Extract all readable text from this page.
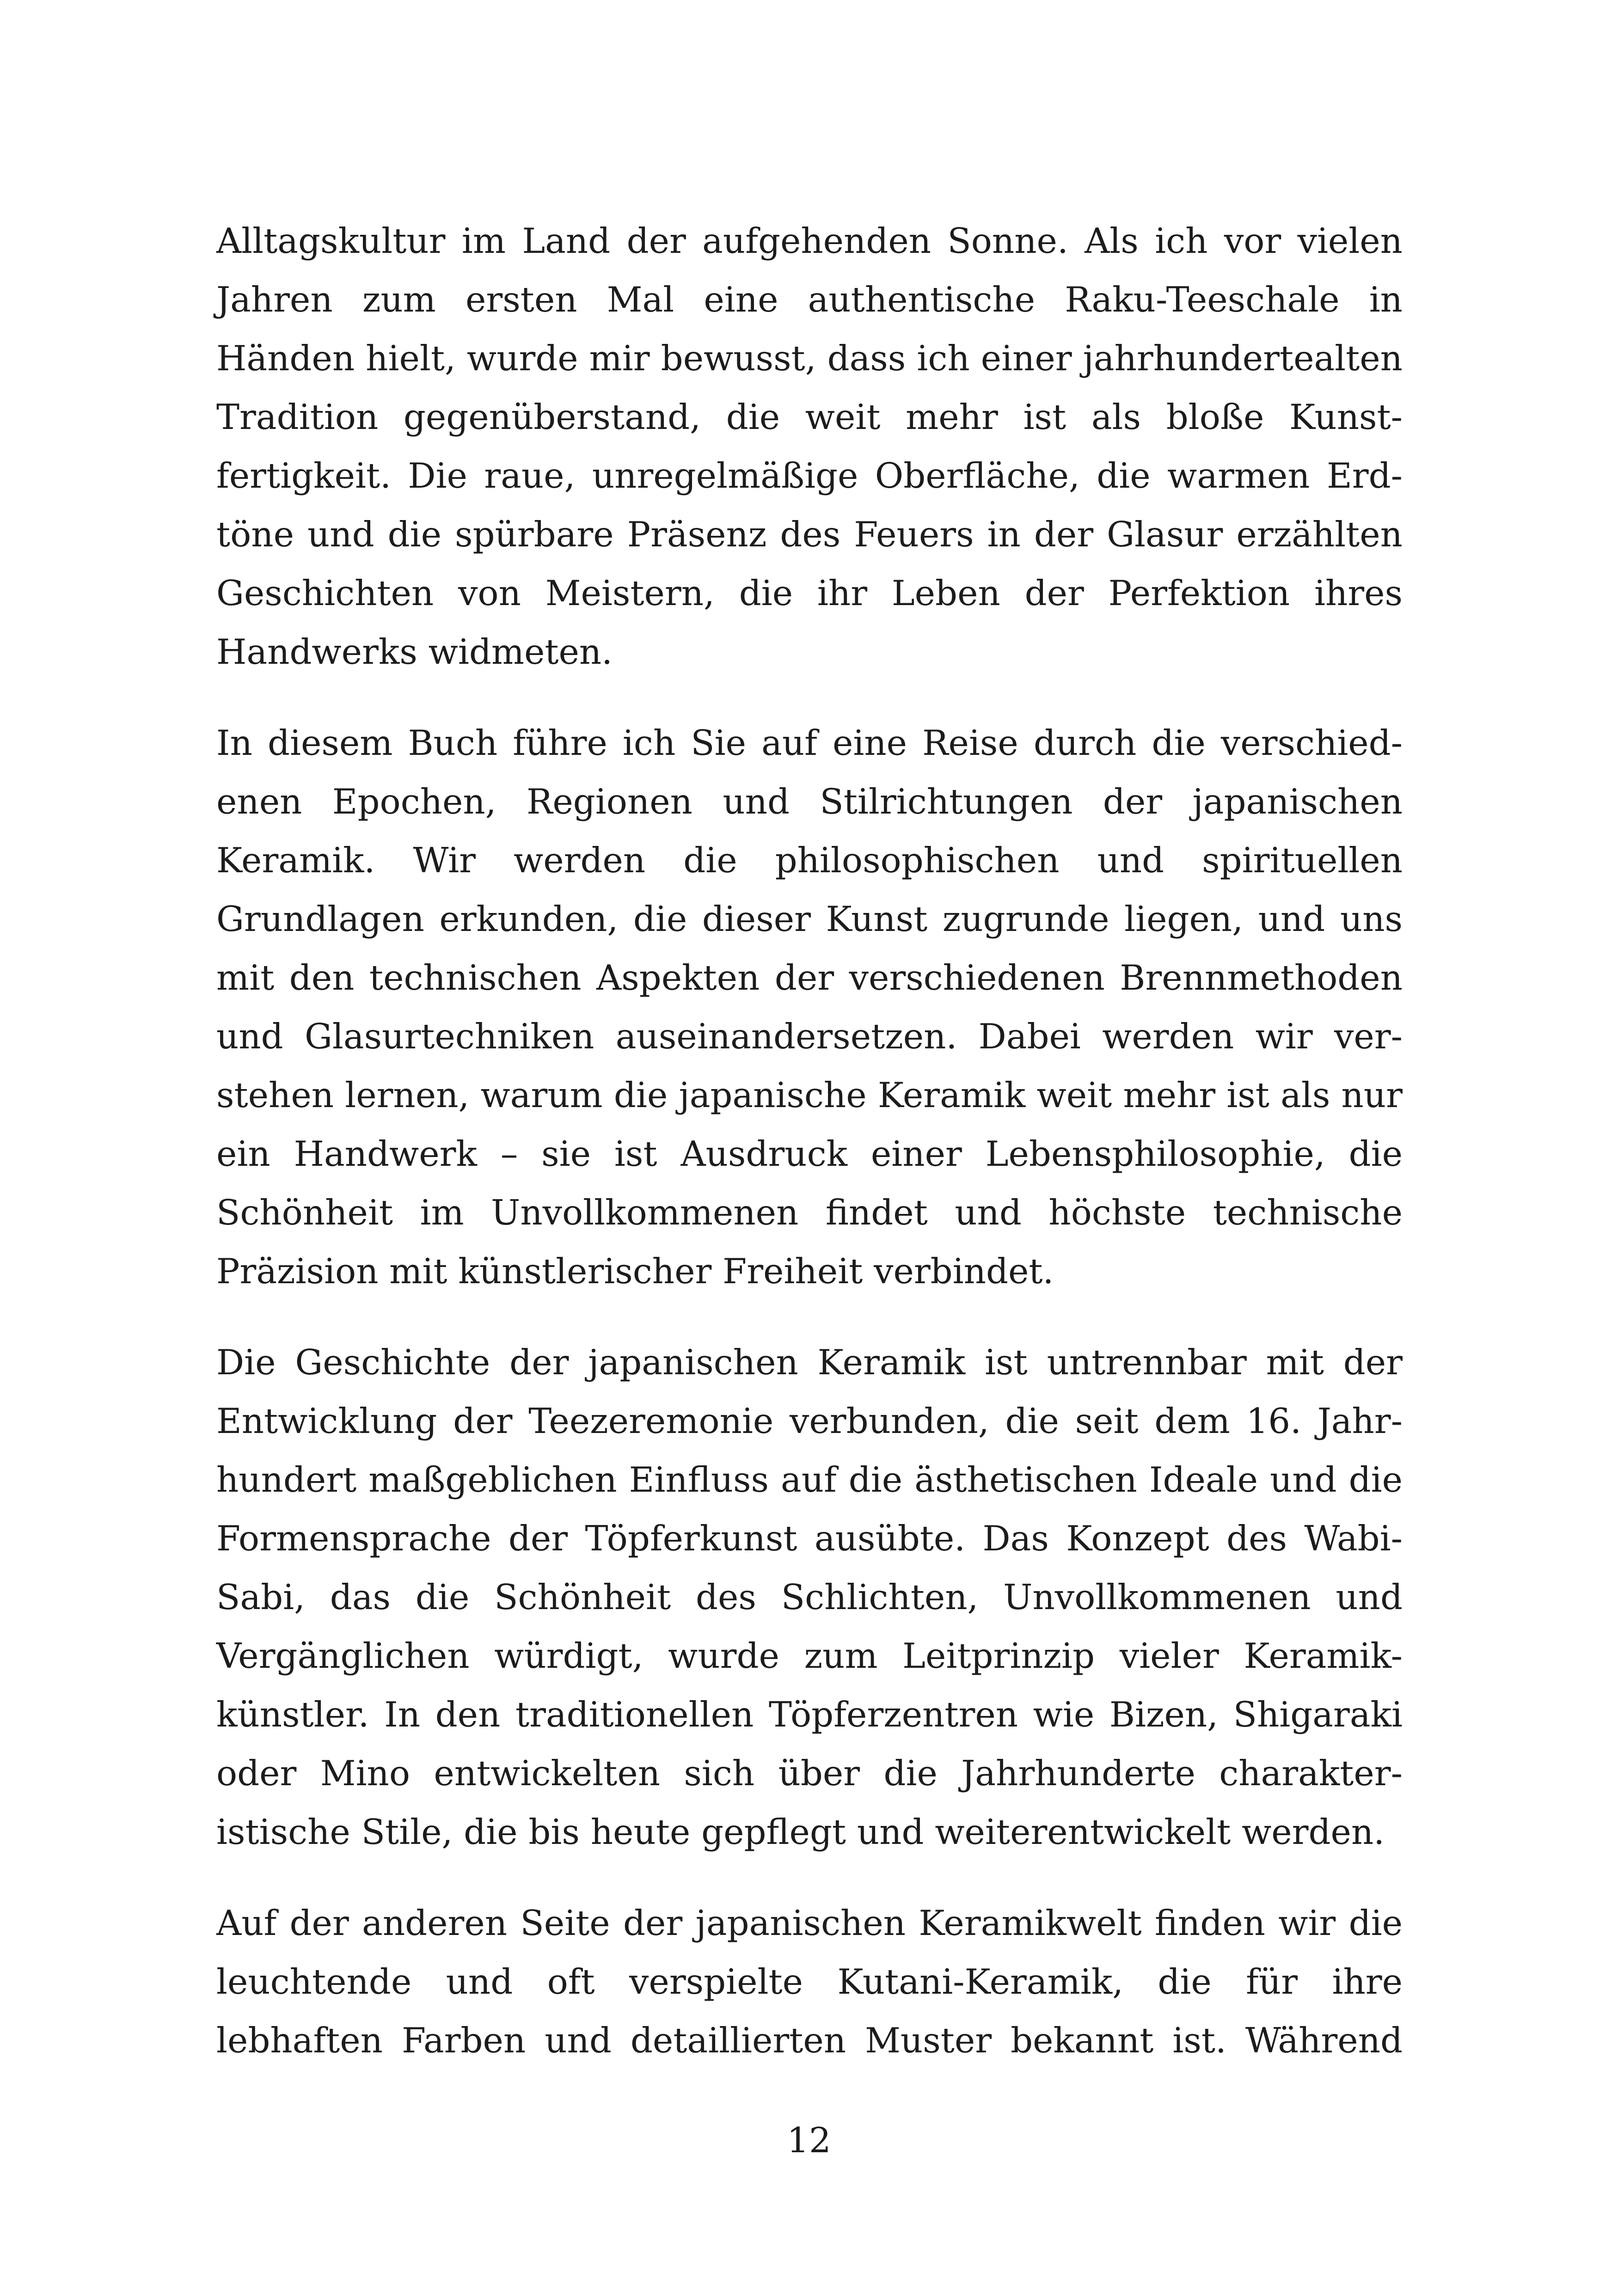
Alltagskultur im Land der aufgehenden Sonne. Als ich vor vielen
Jahren zum ersten Mal eine authentische Raku-Teeschale in
Händen hielt, wurde mir bewusst, dass ich einer jahrhundertealten
Tradition gegenüberstand, die weit mehr ist als bloße Kunst-
fertigkeit. Die raue, unregelmäßige Oberfläche, die warmen Erd-
töne und die spürbare Präsenz des Feuers in der Glasur erzählten
Geschichten von Meistern, die ihr Leben der Perfektion ihres
Handwerks widmeten.

In diesem Buch führe ich Sie auf eine Reise durch die verschied-
enen Epochen, Regionen und Stilrichtungen der japanischen
Keramik. Wir werden die philosophischen und spirituellen
Grundlagen erkunden, die dieser Kunst zugrunde liegen, und uns
mit den technischen Aspekten der verschiedenen Brennmethoden
und Glasurtechniken auseinandersetzen. Dabei werden wir ver-
stehen lernen, warum die japanische Keramik weit mehr ist als nur
ein Handwerk – sie ist Ausdruck einer Lebensphilosophie, die
Schönheit im Unvollkommenen findet und höchste technische
Präzision mit künstlerischer Freiheit verbindet.

Die Geschichte der japanischen Keramik ist untrennbar mit der
Entwicklung der Teezeremonie verbunden, die seit dem 16. Jahr-
hundert maßgeblichen Einfluss auf die ästhetischen Ideale und die
Formensprache der Töpferkunst ausübte. Das Konzept des Wabi-
Sabi, das die Schönheit des Schlichten, Unvollkommenen und
Vergänglichen würdigt, wurde zum Leitprinzip vieler Keramik-
künstler. In den traditionellen Töpferzentren wie Bizen, Shigaraki
oder Mino entwickelten sich über die Jahrhunderte charakter-
istische Stile, die bis heute gepflegt und weiterentwickelt werden.

Auf der anderen Seite der japanischen Keramikwelt finden wir die
leuchtende und oft verspielte Kutani-Keramik, die für ihre
lebhaften Farben und detaillierten Muster bekannt ist. Während

12
